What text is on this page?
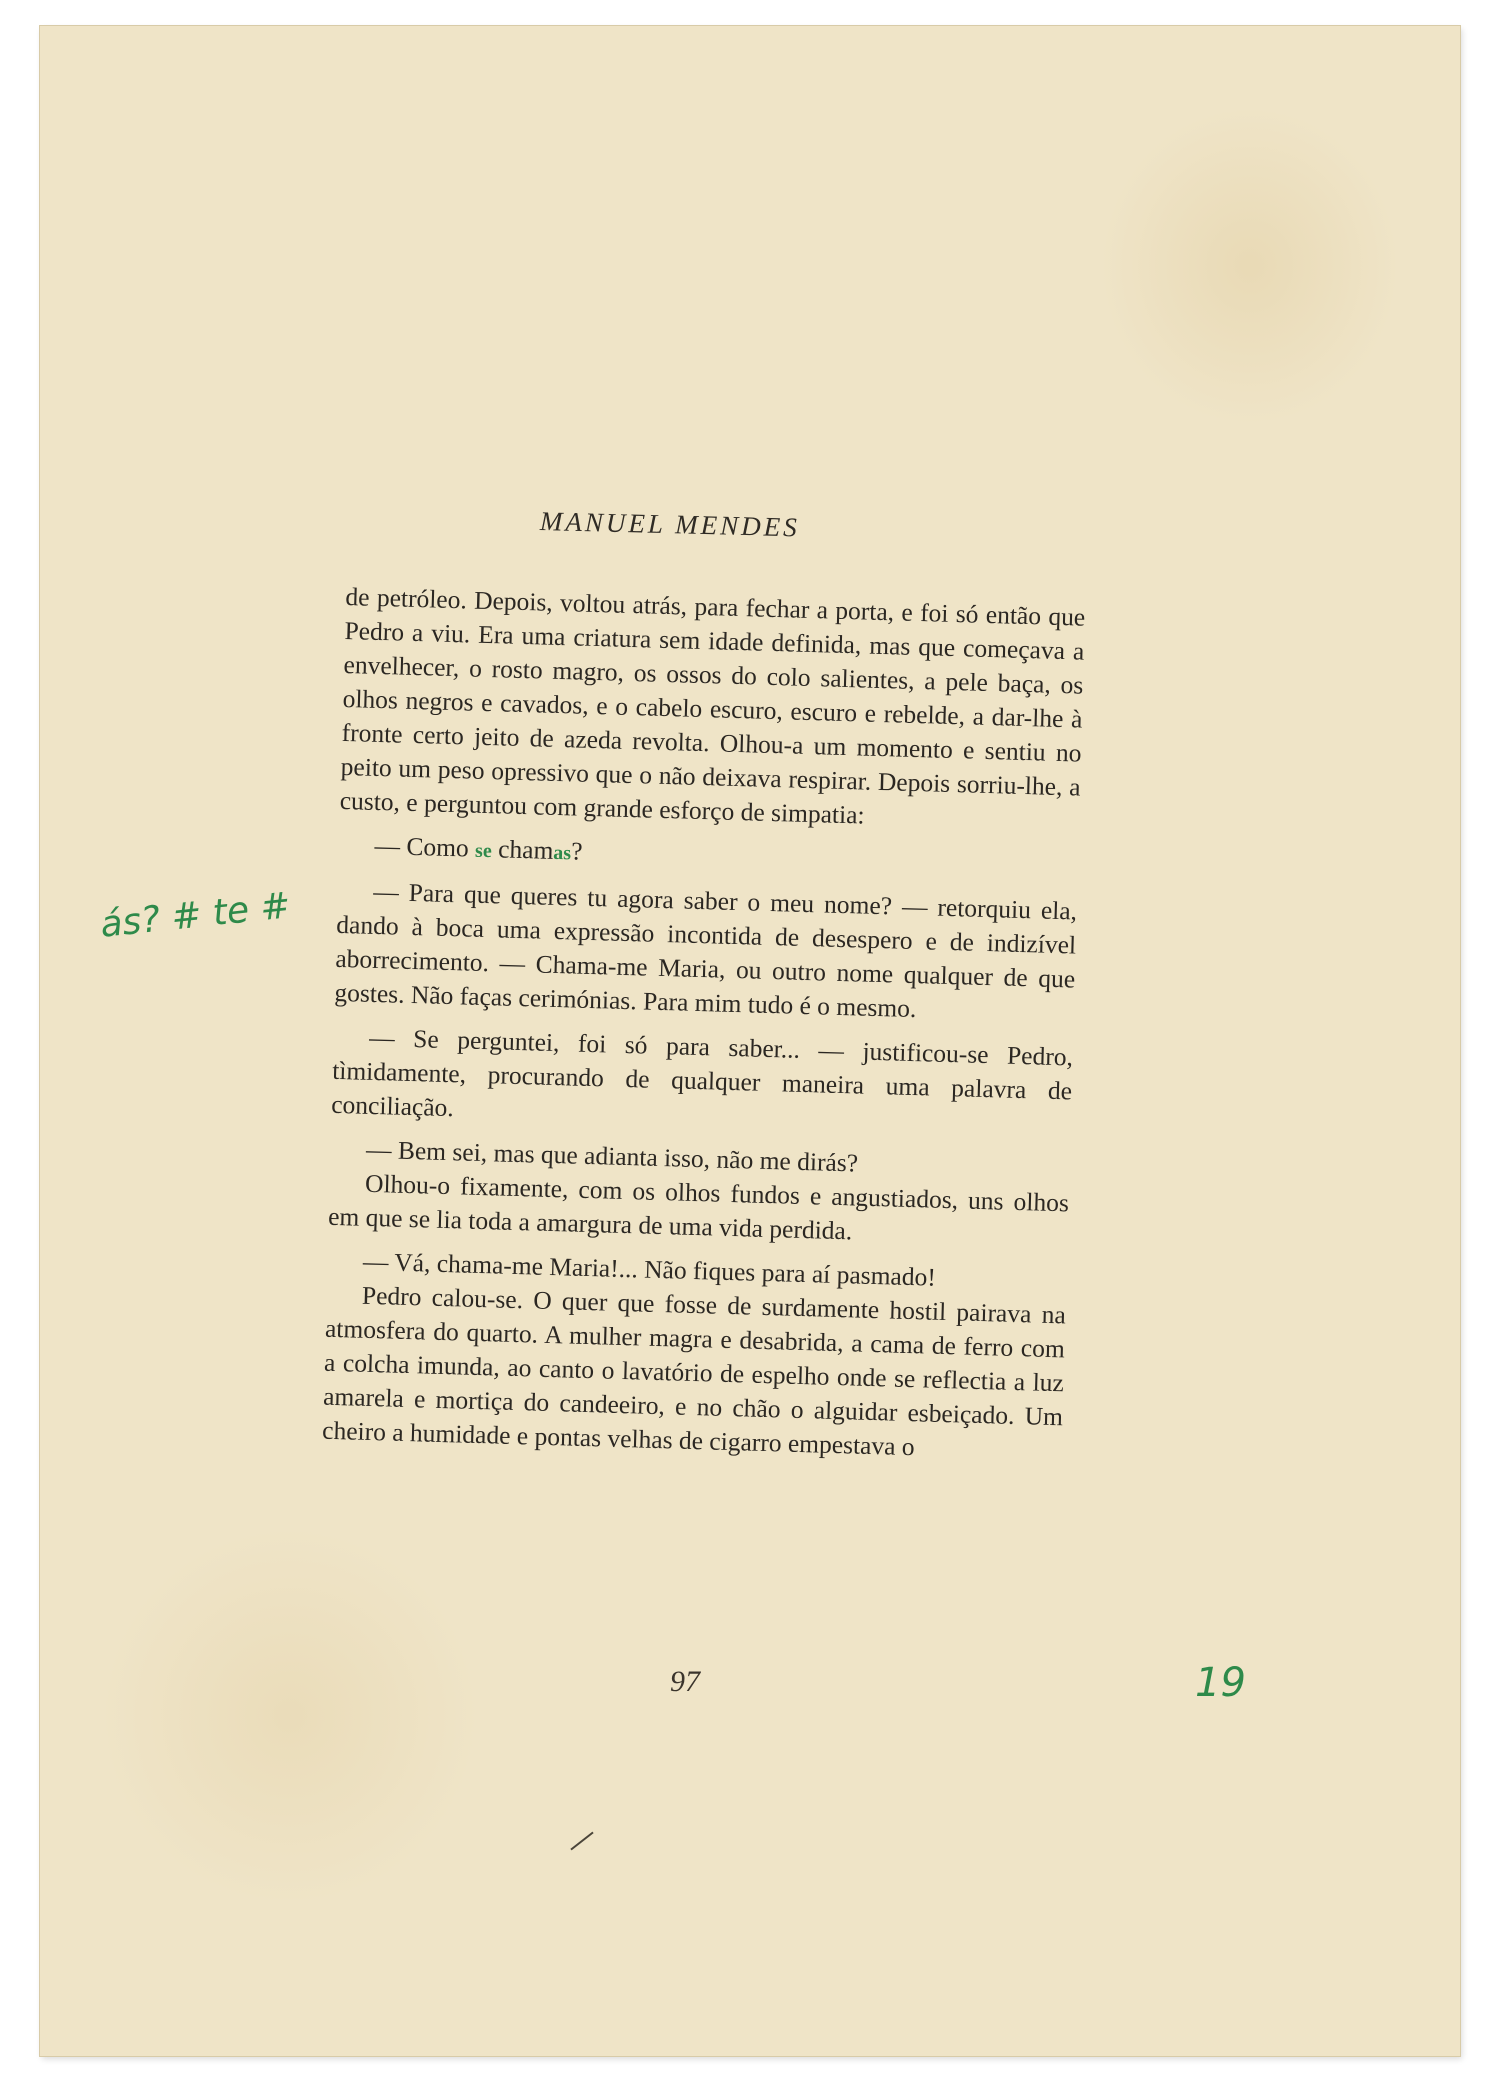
MANUEL MENDES

de petróleo. Depois, voltou atrás, para fechar a porta, e foi só então que Pedro a viu. Era uma criatura sem idade definida, mas que começava a envelhecer, o rosto magro, os ossos do colo salientes, a pele baça, os olhos negros e cavados, e o cabelo escuro, escuro e rebelde, a dar-lhe à fronte certo jeito de azeda revolta. Olhou-a um momento e sentiu no peito um peso opressivo que o não deixava respirar. Depois sorriu-lhe, a custo, e perguntou com grande esforço de simpatia:

— Como se chamas?

— Para que queres tu agora saber o meu nome? — retorquiu ela, dando à boca uma expressão incontida de desespero e de indizível aborrecimento. — Chama-me Maria, ou outro nome qualquer de que gostes. Não faças cerimónias. Para mim tudo é o mesmo.

— Se perguntei, foi só para saber... — justificou-se Pedro, tìmidamente, procurando de qualquer maneira uma palavra de conciliação.

— Bem sei, mas que adianta isso, não me dirás?

Olhou-o fixamente, com os olhos fundos e angustiados, uns olhos em que se lia toda a amargura de uma vida perdida.

— Vá, chama-me Maria!... Não fiques para aí pasmado!

Pedro calou-se. O quer que fosse de surdamente hostil pairava na atmosfera do quarto. A mulher magra e desabrida, a cama de ferro com a colcha imunda, ao canto o lavatório de espelho onde se reflectia a luz amarela e mortiça do candeeiro, e no chão o alguidar esbeiçado. Um cheiro a humidade e pontas velhas de cigarro empestava o

ás? # te #
97	19
